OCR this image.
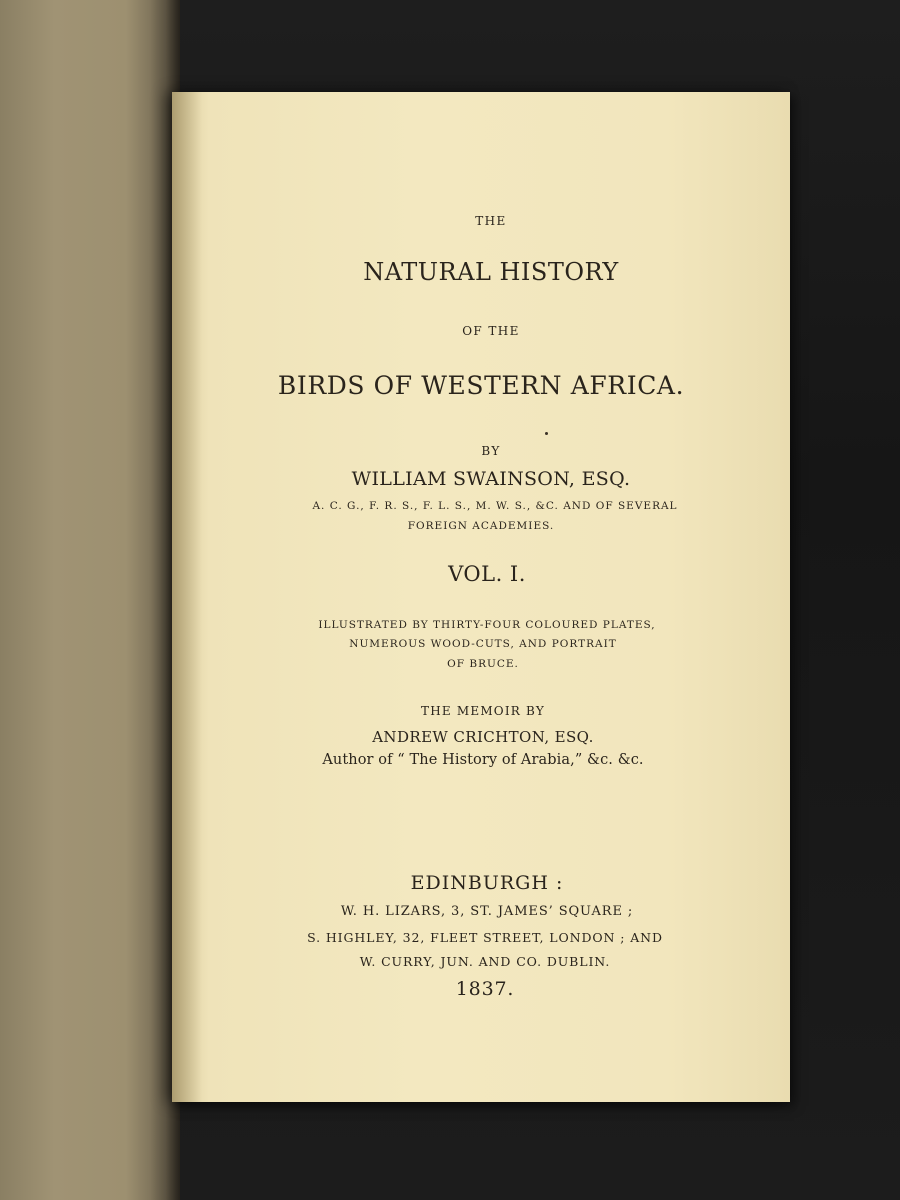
THE
NATURAL HISTORY
OF THE
BIRDS OF WESTERN AFRICA.
BY
WILLIAM SWAINSON, ESQ.
A. C. G., F. R. S., F. L. S., M. W. S., &C. AND OF SEVERAL
FOREIGN ACADEMIES.
VOL. I.
ILLUSTRATED BY THIRTY-FOUR COLOURED PLATES,
NUMEROUS WOOD-CUTS, AND PORTRAIT
OF BRUCE.
THE MEMOIR BY
ANDREW CRICHTON, ESQ.
Author of “ The History of Arabia,” &c. &c.
EDINBURGH :
W. H. LIZARS, 3, ST. JAMES’ SQUARE ;
S. HIGHLEY, 32, FLEET STREET, LONDON ; AND
W. CURRY, JUN. AND CO. DUBLIN.
1837.
